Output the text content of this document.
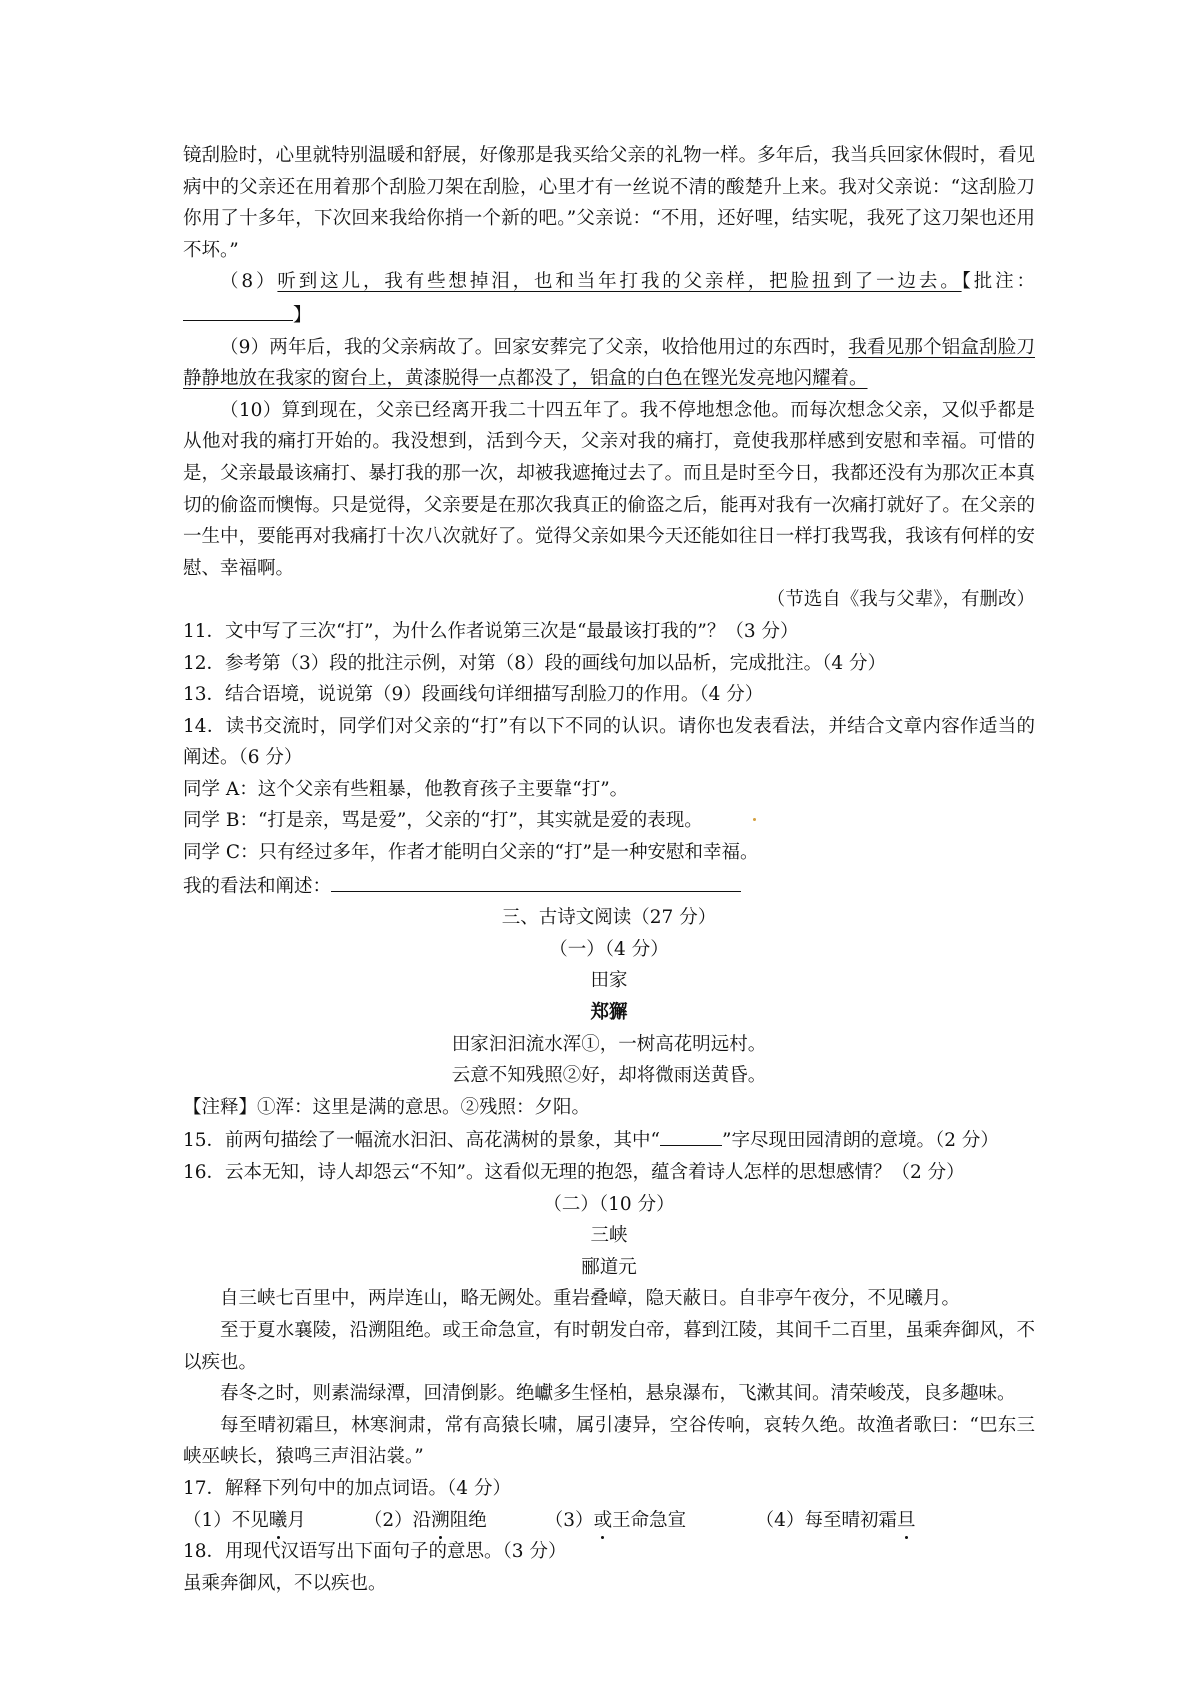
镜刮脸时，心里就特别温暖和舒展，好像那是我买给父亲的礼物一样。多年后，我当兵回家休假时，看见病中的父亲还在用着那个刮脸刀架在刮脸，心里才有一丝说不清的酸楚升上来。我对父亲说：“这刮脸刀你用了十多年，下次回来我给你捎一个新的吧。”父亲说：“不用，还好哩，结实呢，我死了这刀架也还用不坏。”

（8）听到这儿，我有些想掉泪，也和当年打我的父亲样，把脸扭到了一边去。【批注：】

（9）两年后，我的父亲病故了。回家安葬完了父亲，收拾他用过的东西时，我看见那个铝盒刮脸刀静静地放在我家的窗台上，黄漆脱得一点都没了，铝盒的白色在铿光发亮地闪耀着。

（10）算到现在，父亲已经离开我二十四五年了。我不停地想念他。而每次想念父亲，又似乎都是从他对我的痛打开始的。我没想到，活到今天，父亲对我的痛打，竟使我那样感到安慰和幸福。可惜的是，父亲最最该痛打、暴打我的那一次，却被我遮掩过去了。而且是时至今日，我都还没有为那次正本真切的偷盗而懊悔。只是觉得，父亲要是在那次我真正的偷盗之后，能再对我有一次痛打就好了。在父亲的一生中，要能再对我痛打十次八次就好了。觉得父亲如果今天还能如往日一样打我骂我，我该有何样的安慰、幸福啊。

（节选自《我与父辈》，有删改）

11．文中写了三次“打”，为什么作者说第三次是“最最该打我的”？（3 分）

12．参考第（3）段的批注示例，对第（8）段的画线句加以品析，完成批注。（4 分）

13．结合语境，说说第（9）段画线句详细描写刮脸刀的作用。（4 分）

14．读书交流时，同学们对父亲的“打”有以下不同的认识。请你也发表看法，并结合文章内容作适当的阐述。（6 分）

同学 A：这个父亲有些粗暴，他教育孩子主要靠“打”。

同学 B：“打是亲，骂是爱”，父亲的“打”，其实就是爱的表现。

同学 C：只有经过多年，作者才能明白父亲的“打”是一种安慰和幸福。

我的看法和阐述：

三、古诗文阅读（27 分）

（一）（4 分）

田家

郑獬

田家汩汩流水浑①，一树高花明远村。

云意不知残照②好，却将微雨送黄昏。

【注释】①浑：这里是满的意思。②残照：夕阳。

15．前两句描绘了一幅流水汩汩、高花满树的景象，其中“	”字尽现田园清朗的意境。（2 分）

16．云本无知，诗人却怨云“不知”。这看似无理的抱怨，蕴含着诗人怎样的思想感情？（2 分）

（二）（10 分）

三峡

郦道元

自三峡七百里中，两岸连山，略无阙处。重岩叠嶂，隐天蔽日。自非亭午夜分，不见曦月。

至于夏水襄陵，沿溯阻绝。或王命急宣，有时朝发白帝，暮到江陵，其间千二百里，虽乘奔御风，不以疾也。

春冬之时，则素湍绿潭，回清倒影。绝巘多生怪柏，悬泉瀑布，飞漱其间。清荣峻茂，良多趣味。

每至晴初霜旦，林寒涧肃，常有高猿长啸，属引凄异，空谷传响，哀转久绝。故渔者歌曰：“巴东三峡巫峡长，猿鸣三声泪沾裳。”

17．解释下列句中的加点词语。（4 分）

（1）不见曦月	（2）沿溯阻绝	（3）或王命急宣	（4）每至晴初霜旦

18．用现代汉语写出下面句子的意思。（3 分）

虽乘奔御风，不以疾也。
